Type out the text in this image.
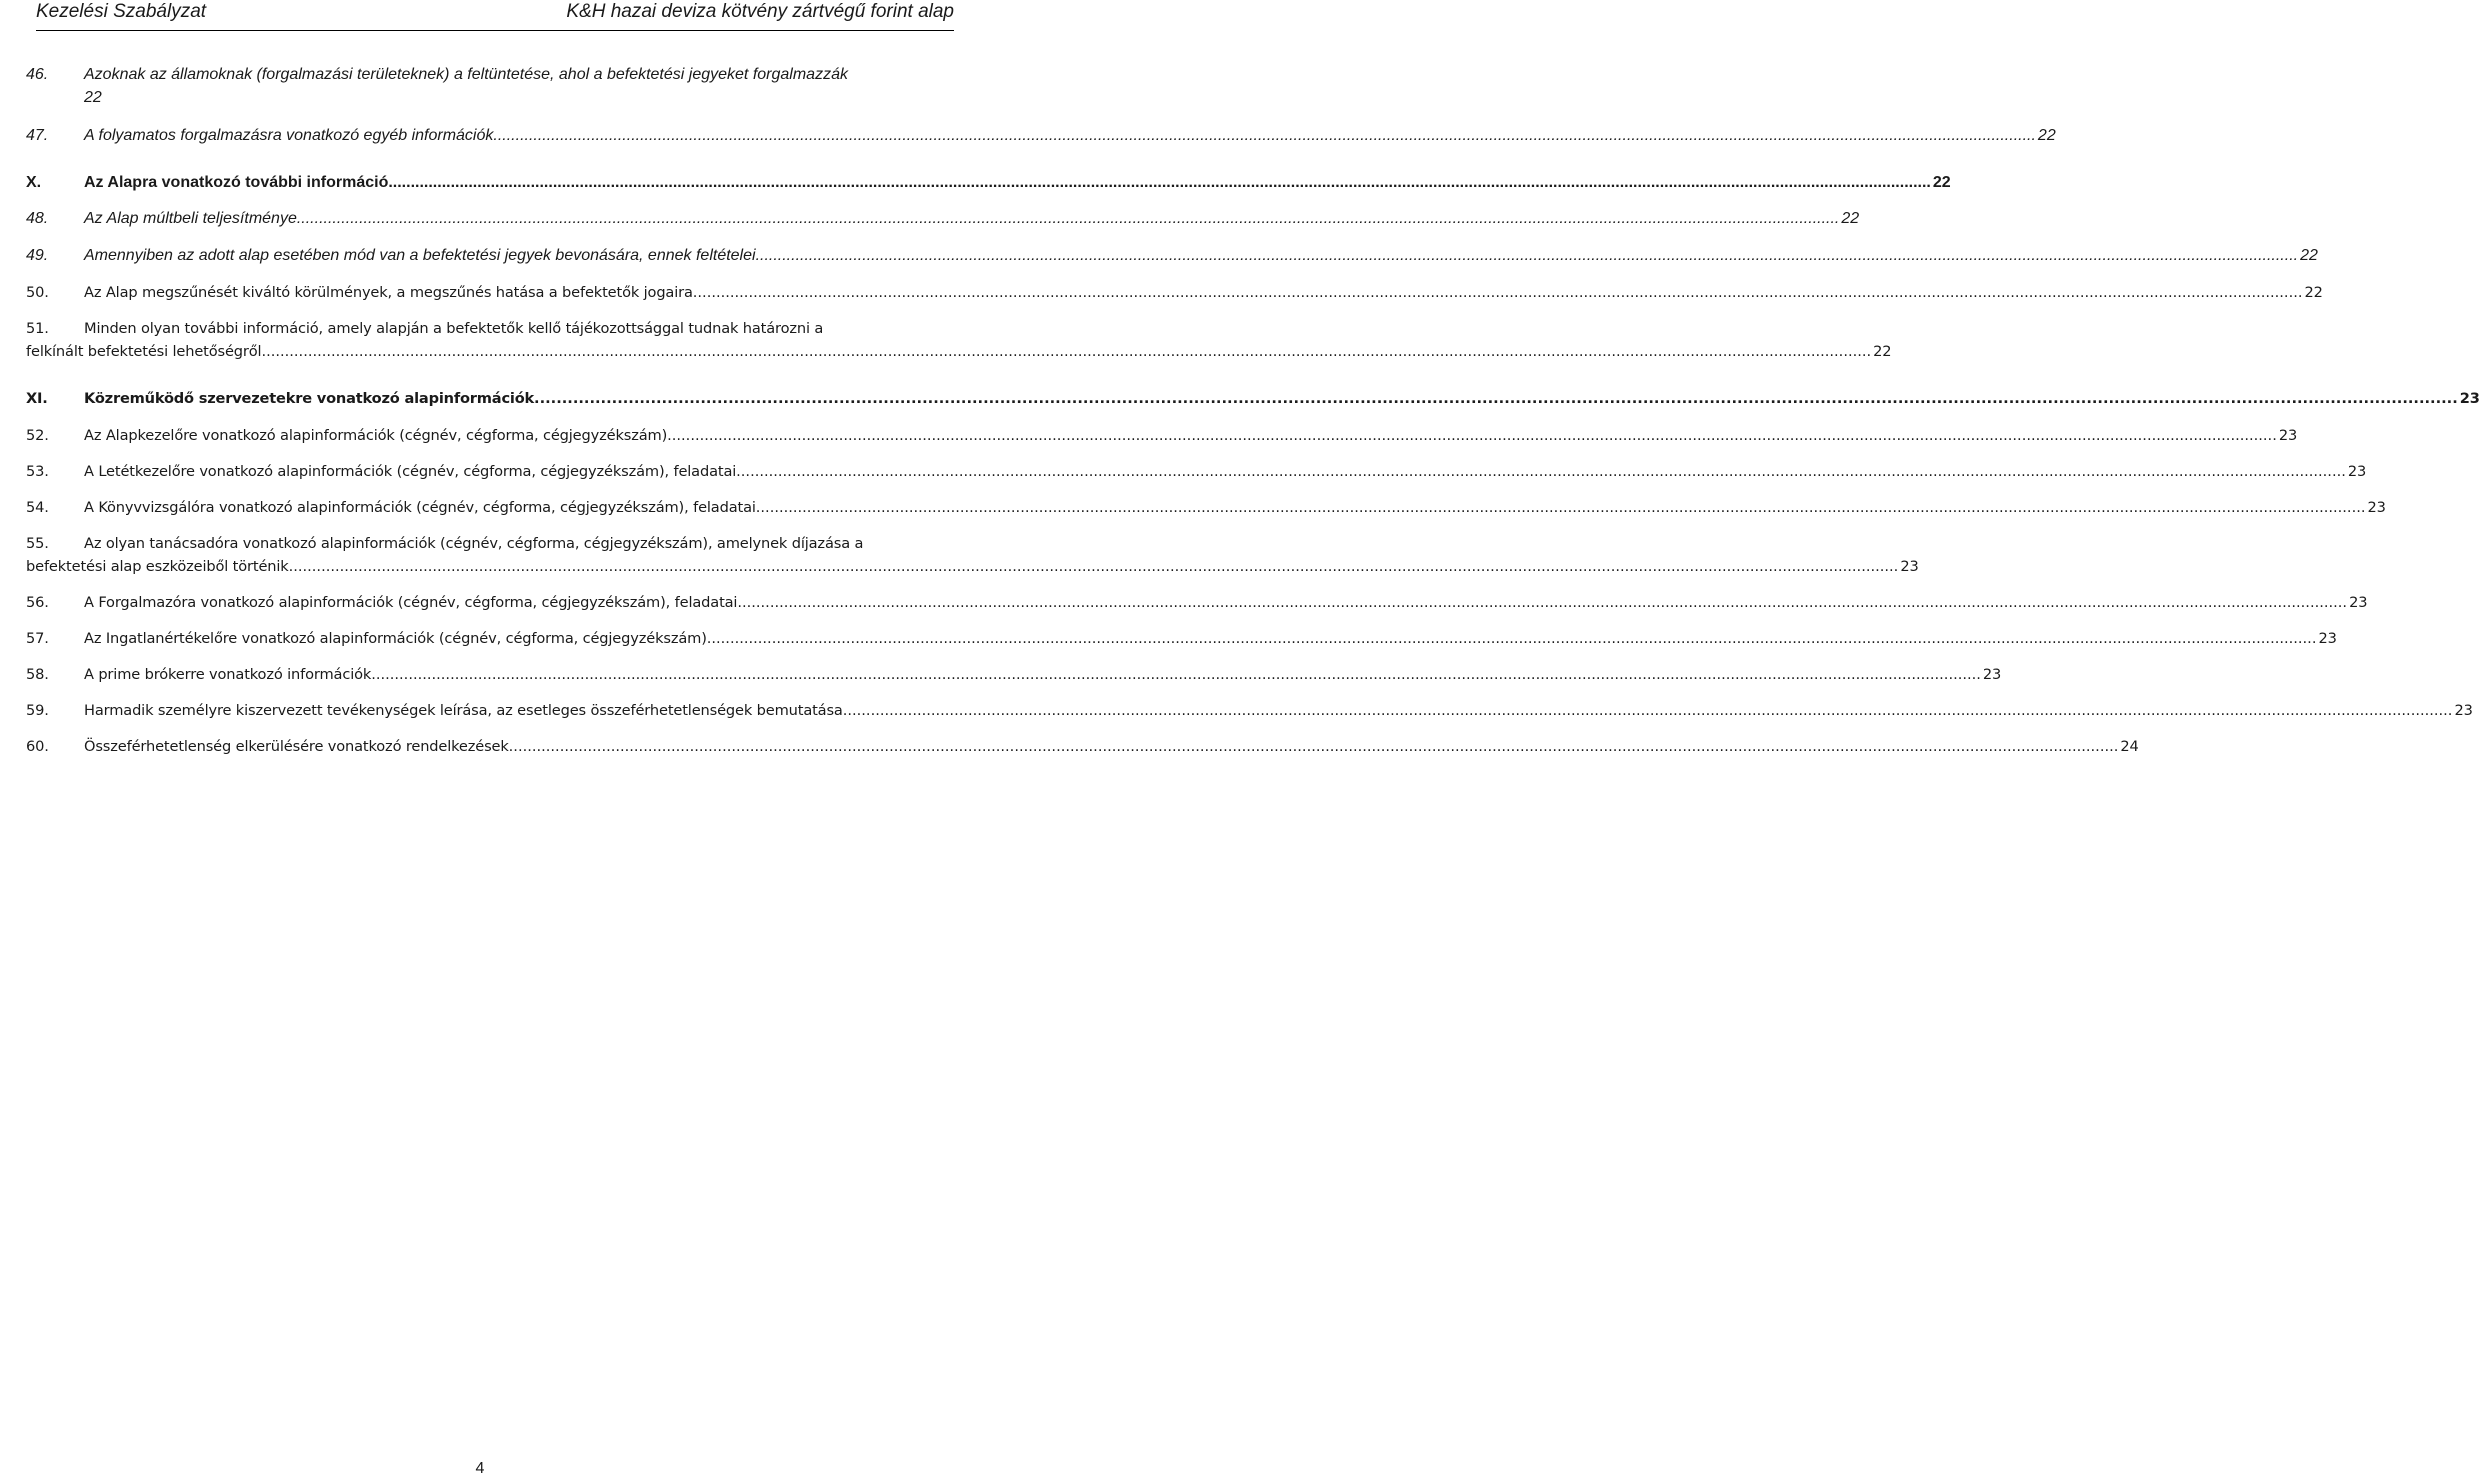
Kezelési Szabályzat	K&H hazai deviza kötvény zártvégű forint alap
46. Azoknak az államoknak (forgalmazási területeknek) a feltüntetése, ahol a befektetési jegyeket forgalmazzák
22
47.	A folyamatos forgalmazásra vonatkozó egyéb információk .....	22
X.	Az Alapra vonatkozó további információ .....	22
48.	Az Alap múltbeli teljesítménye .....	22
49.	Amennyiben az adott alap esetében mód van a befektetési jegyek bevonására, ennek feltételei .....	22
50.	Az Alap megszűnését kiváltó körülmények, a megszűnés hatása a befektetők jogaira .....	22
51. Minden olyan további információ, amely alapján a befektetők kellő tájékozottsággal tudnak határozni a
felkínált befektetési lehetőségről .....	22
XI.	Közreműködő szervezetekre vonatkozó alapinformációk .....	23
52.	Az Alapkezelőre vonatkozó alapinformációk (cégnév, cégforma, cégjegyzékszám) .....	23
53.	A Letétkezelőre vonatkozó alapinformációk (cégnév, cégforma, cégjegyzékszám), feladatai .....	23
54.	A Könyvvizsgálóra vonatkozó alapinformációk (cégnév, cégforma, cégjegyzékszám), feladatai .....	23
55. Az olyan tanácsadóra vonatkozó alapinformációk (cégnév, cégforma, cégjegyzékszám), amelynek díjazása a
befektetési alap eszközeiből történik .....	23
56.	A Forgalmazóra vonatkozó alapinformációk (cégnév, cégforma, cégjegyzékszám), feladatai .....	23
57.	Az Ingatlanértékelőre vonatkozó alapinformációk (cégnév, cégforma, cégjegyzékszám) .....	23
58.	A prime brókerre vonatkozó információk .....	23
59.	Harmadik személyre kiszervezett tevékenységek leírása, az esetleges összeférhetetlenségek bemutatása .....	23
60.	Összeférhetetlenség elkerülésére vonatkozó rendelkezések .....	24
4
